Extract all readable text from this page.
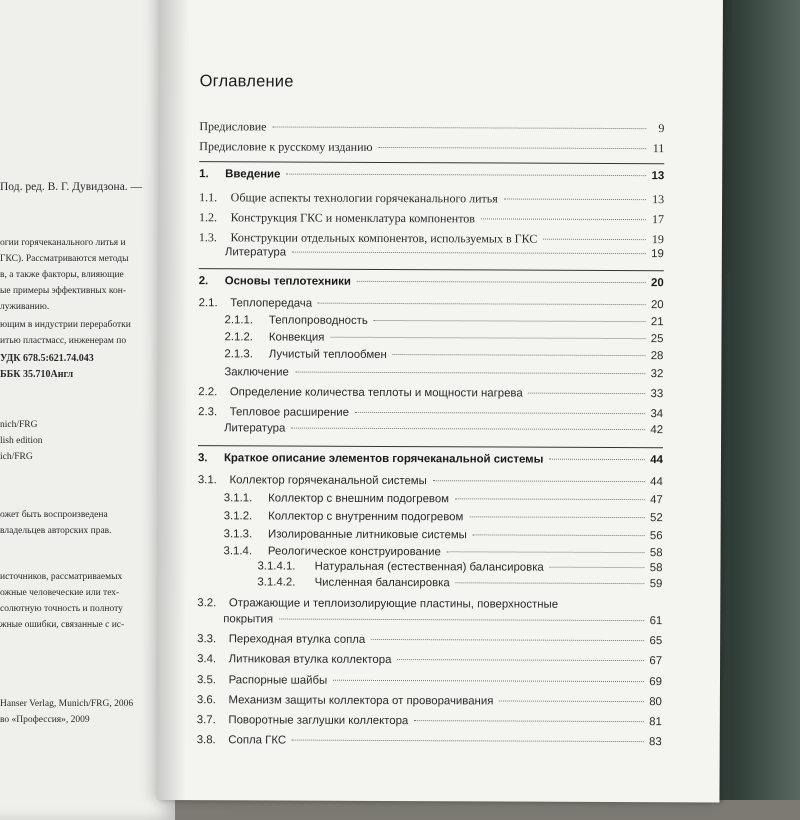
Под. ред. В. Г. Дувидзона. —
огии горячеканального литья и
ГКС). Рассматриваются методы
в, а также факторы, влияющие
ые примеры эффективных кон-
луживанию.
ющим в индустрии переработки
итью пластмасс, инженерам по
УДК 678.5:621.74.043
ББК 35.710Англ
nich/FRG
lish edition
ich/FRG
ожет быть воспроизведена
владельцев авторских прав.
источников, рассматриваемых
ожные человеческие или тех-
солютную точность и полноту
жные ошибки, связанные с ис-
Hanser Verlag, Munich/FRG, 2006
во «Профессия», 2009
Оглавление
Предисловие	9
Предисловие к русскому изданию	11
1.	Введение	13
1.1.	Общие аспекты технологии горячеканального литья	13
1.2.	Конструкция ГКС и номенклатура компонентов	17
1.3.	Конструкции отдельных компонентов, используемых в ГКС	19
Литература	19
2.	Основы теплотехники	20
2.1.	Теплопередача	20
2.1.1.	Теплопроводность	21
2.1.2.	Конвекция	25
2.1.3.	Лучистый теплообмен	28
Заключение	32
2.2.	Определение количества теплоты и мощности нагрева	33
2.3.	Тепловое расширение	34
Литература	42
3.	Краткое описание элементов горячеканальной системы	44
3.1.	Коллектор горячеканальной системы	44
3.1.1.	Коллектор с внешним подогревом	47
3.1.2.	Коллектор с внутренним подогревом	52
3.1.3.	Изолированные литниковые системы	56
3.1.4.	Реологическое конструирование	58
3.1.4.1.	Натуральная (естественная) балансировка	58
3.1.4.2.	Численная балансировка	59
3.2.	Отражающие и теплоизолирующие пластины, поверхностные
покрытия	61
3.3.	Переходная втулка сопла	65
3.4.	Литниковая втулка коллектора	67
3.5.	Распорные шайбы	69
3.6.	Механизм защиты коллектора от проворачивания	80
3.7.	Поворотные заглушки коллектора	81
3.8.	Сопла ГКС	83
